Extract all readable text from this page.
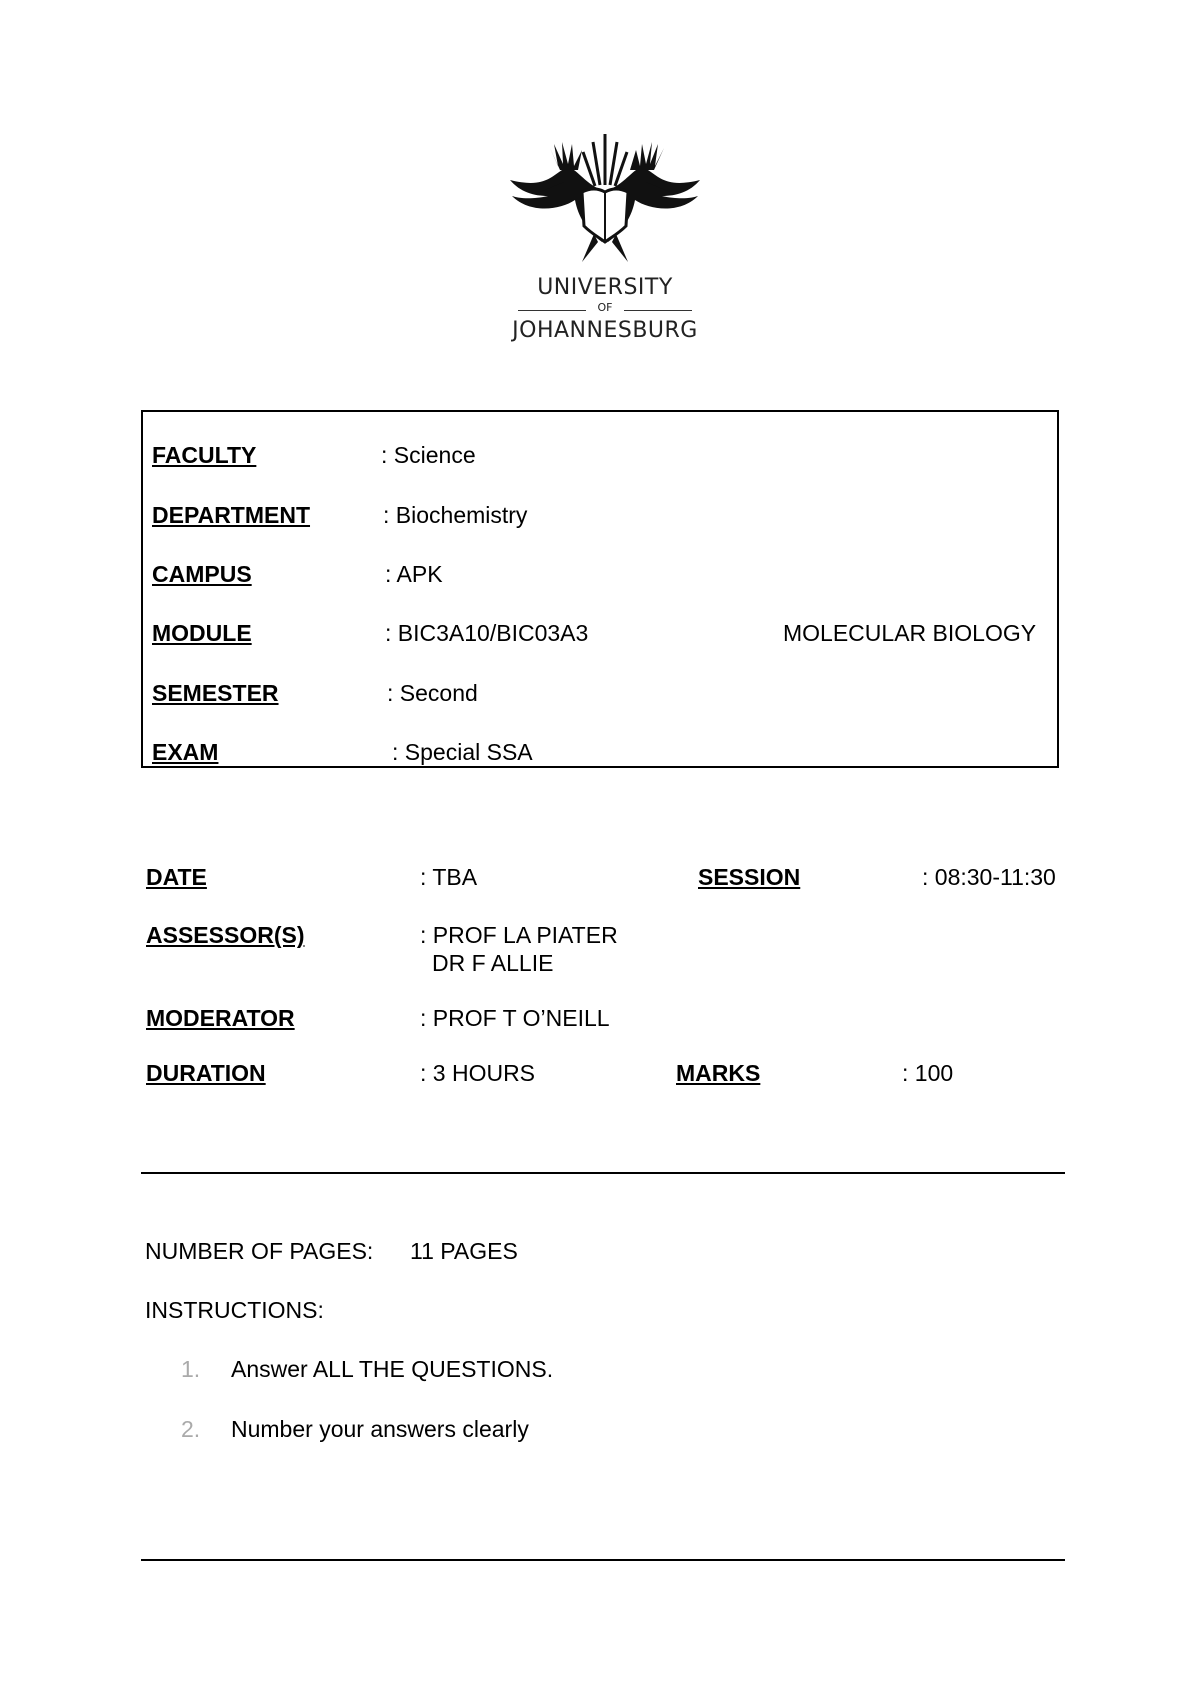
UNIVERSITY
OF
JOHANNESBURG
FACULTY	: Science
DEPARTMENT	: Biochemistry
CAMPUS	: APK
MODULE	: BIC3A10/BIC03A3	MOLECULAR BIOLOGY
SEMESTER	: Second
EXAM	: Special SSA
DATE	: TBA	SESSION	: 08:30-11:30
ASSESSOR(S)	: PROF LA PIATER
DR F ALLIE
MODERATOR	: PROF T O’NEILL
DURATION	: 3 HOURS	MARKS	: 100
NUMBER OF PAGES: 11 PAGES
INSTRUCTIONS:
1. Answer ALL THE QUESTIONS.
2. Number your answers clearly
